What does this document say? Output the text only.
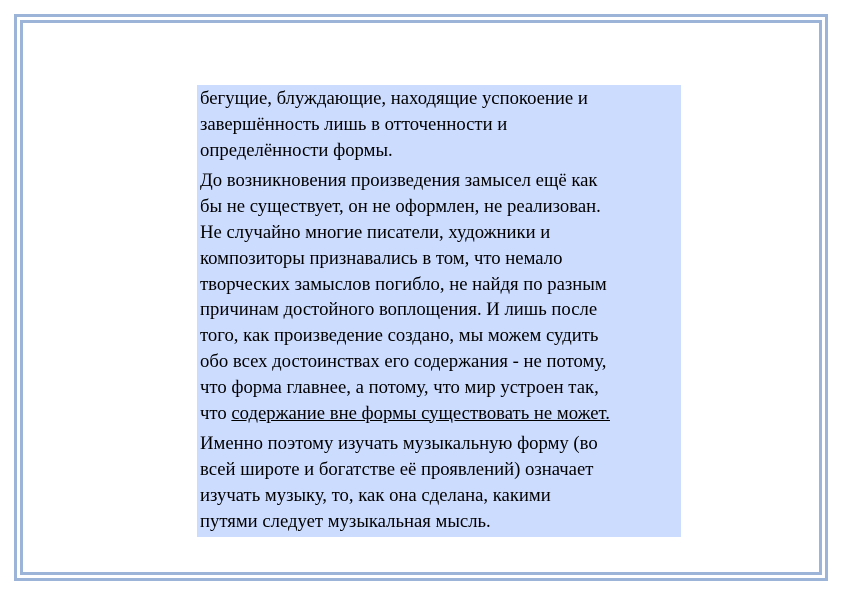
бегущие, блуждающие, находящие успокоение и
завершённость лишь в отточенности и
определённости формы.

До возникновения произведения замысел ещё как
бы не существует, он не оформлен, не реализован.
Не случайно многие писатели, художники и
композиторы признавались в том, что немало
творческих замыслов погибло, не найдя по разным
причинам достойного воплощения. И лишь после
того, как произведение создано, мы можем судить
обо всех достоинствах его содержания - не потому,
что форма главнее, а потому, что мир устроен так,
что содержание вне формы существовать не может.

Именно поэтому изучать музыкальную форму (во
всей широте и богатстве её проявлений) означает
изучать музыку, то, как она сделана, какими
путями следует музыкальная мысль.
